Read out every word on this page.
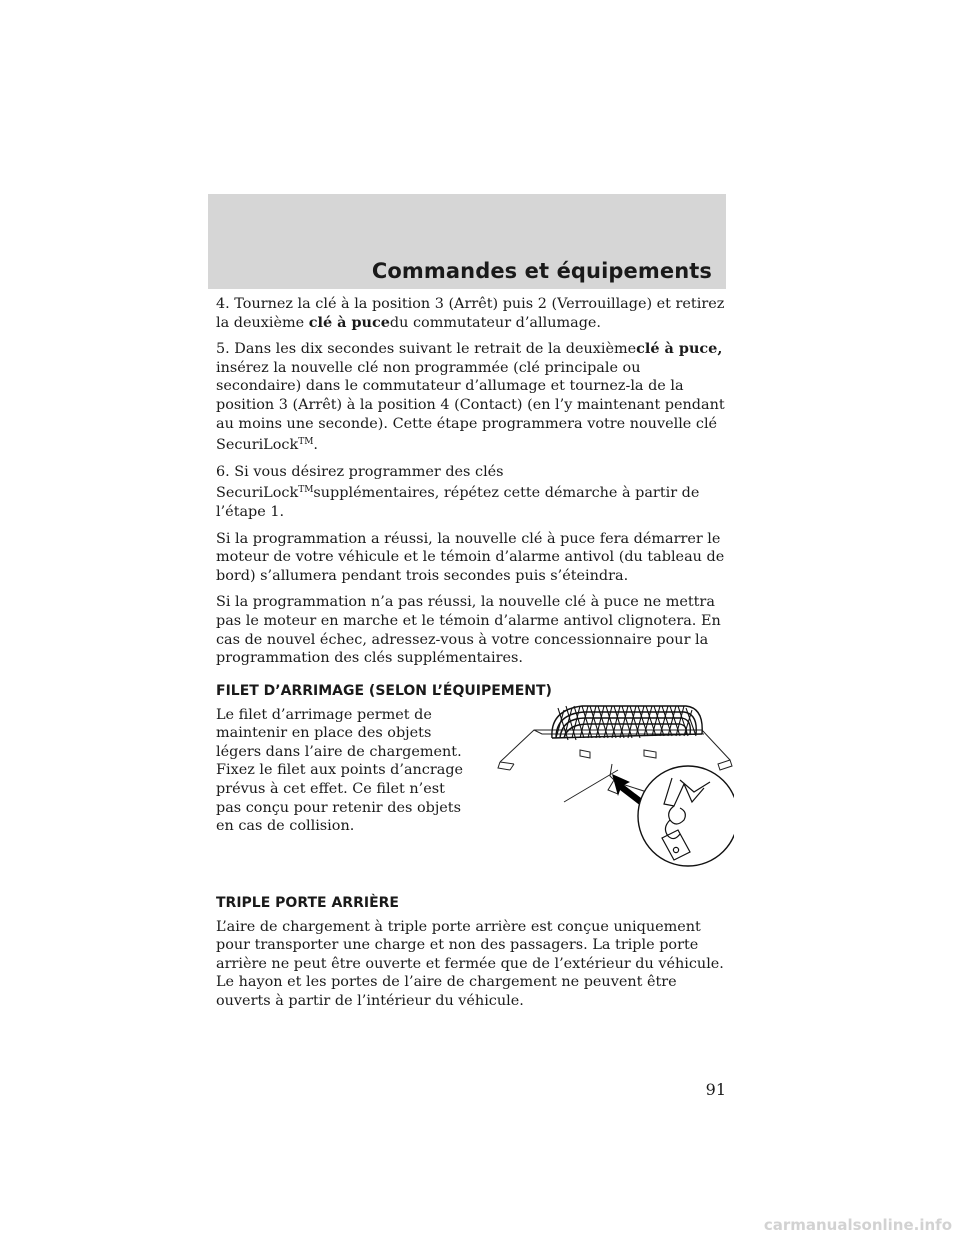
Commandes et équipements

4. Tournez la clé à la position 3 (Arrêt) puis 2 (Verrouillage) et retirez la deuxième clé à pucedu commutateur d’allumage.

5. Dans les dix secondes suivant le retrait de la deuxièmeclé à puce, insérez la nouvelle clé non programmée (clé principale ou secondaire) dans le commutateur d’allumage et tournez-la de la position 3 (Arrêt) à la position 4 (Contact) (en l’y maintenant pendant au moins une seconde). Cette étape programmera votre nouvelle clé SecuriLock™.

6. Si vous désirez programmer des clés SecuriLock™supplémentaires, répétez cette démarche à partir de l’étape 1.

Si la programmation a réussi, la nouvelle clé à puce fera démarrer le moteur de votre véhicule et le témoin d’alarme antivol (du tableau de bord) s’allumera pendant trois secondes puis s’éteindra.

Si la programmation n’a pas réussi, la nouvelle clé à puce ne mettra pas le moteur en marche et le témoin d’alarme antivol clignotera. En cas de nouvel échec, adressez-vous à votre concessionnaire pour la programmation des clés supplémentaires.

FILET D’ARRIMAGE (SELON L’ÉQUIPEMENT)

Le filet d’arrimage permet de maintenir en place des objets légers dans l’aire de chargement. Fixez le filet aux points d’ancrage prévus à cet effet. Ce filet n’est pas conçu pour retenir des objets en cas de collision.

TRIPLE PORTE ARRIÈRE

L’aire de chargement à triple porte arrière est conçue uniquement pour transporter une charge et non des passagers. La triple porte arrière ne peut être ouverte et fermée que de l’extérieur du véhicule. Le hayon et les portes de l’aire de chargement ne peuvent être ouverts à partir de l’intérieur du véhicule.

91
carmanualsonline.info
